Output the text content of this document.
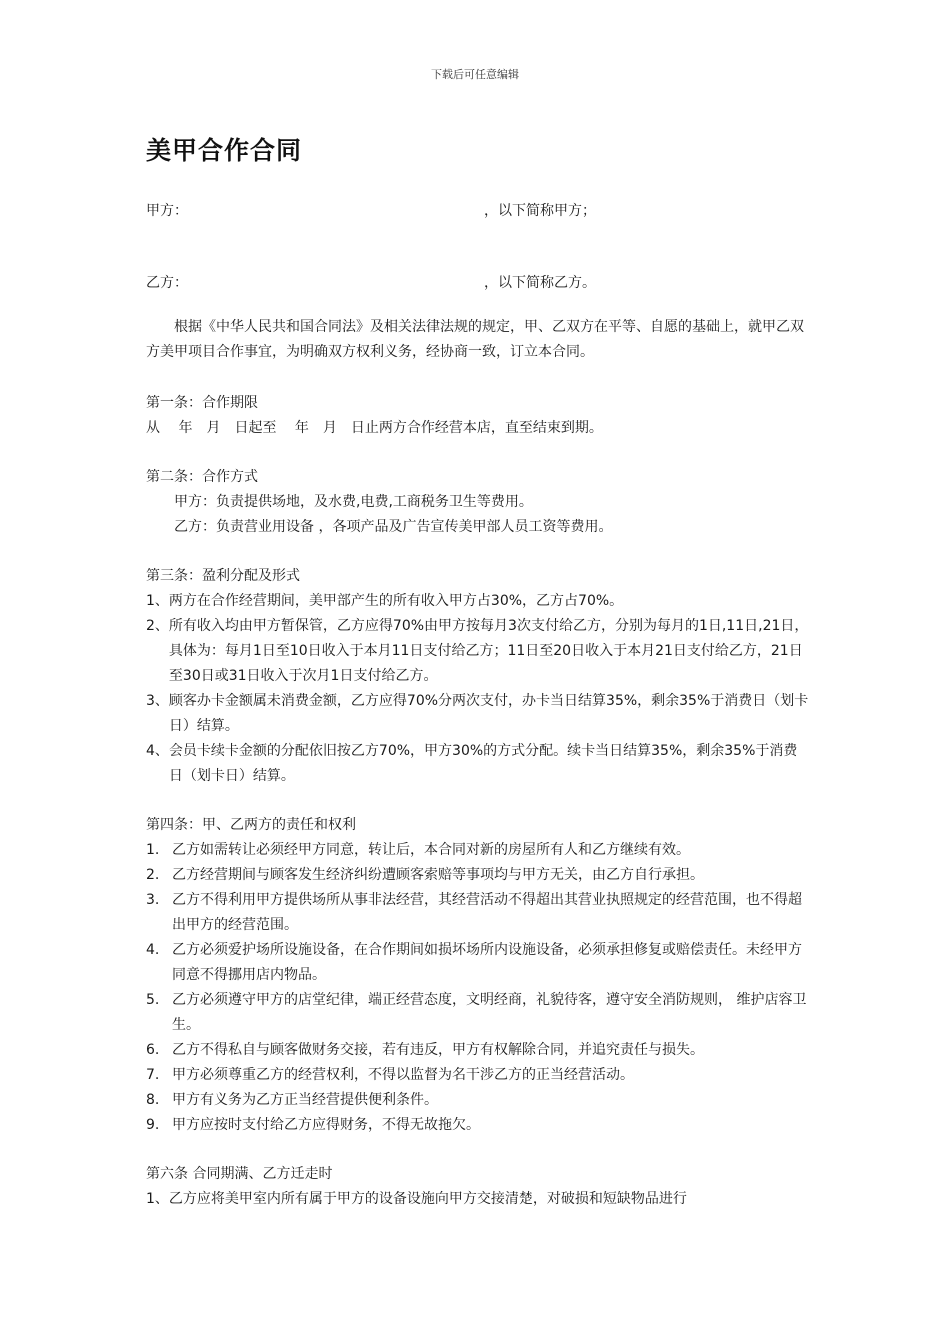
下载后可任意编辑
美甲合作合同
甲方：	，以下简称甲方；
乙方：	，以下简称乙方。

根据《中华人民共和国合同法》及相关法律法规的规定，甲、乙双方在平等、自愿的基础上，就甲乙双方美甲项目合作事宜，为明确双方权利义务，经协商一致，订立本合同。

第一条：合作期限

从　 年　月　日起至　 年　月　日止两方合作经营本店，直至结束到期。

第二条：合作方式

甲方：负责提供场地，及水费,电费,工商税务卫生等费用。

乙方：负责营业用设备 ，各项产品及广告宣传美甲部人员工资等费用。

第三条：盈利分配及形式

1、 两方在合作经营期间，美甲部产生的所有收入甲方占30%，乙方占70%。
2、 所有收入均由甲方暂保管，乙方应得70%由甲方按每月3次支付给乙方，分别为每月的1日,11日,21日，具体为：每月1日至10日收入于本月11日支付给乙方；11日至20日收入于本月21日支付给乙方，21日至30日或31日收入于次月1日支付给乙方。
3、 顾客办卡金额属未消费金额，乙方应得70%分两次支付，办卡当日结算35%，剩余35%于消费日（划卡日）结算。
4、 会员卡续卡金额的分配依旧按乙方70%，甲方30%的方式分配。续卡当日结算35%，剩余35%于消费日（划卡日）结算。

第四条：甲、乙两方的责任和权利

1. 乙方如需转让必须经甲方同意，转让后，本合同对新的房屋所有人和乙方继续有效。
2. 乙方经营期间与顾客发生经济纠纷遭顾客索赔等事项均与甲方无关，由乙方自行承担。
3. 乙方不得利用甲方提供场所从事非法经营，其经营活动不得超出其营业执照规定的经营范围，也不得超出甲方的经营范围。
4. 乙方必须爱护场所设施设备，在合作期间如损坏场所内设施设备，必须承担修复或赔偿责任。未经甲方同意不得挪用店内物品。
5. 乙方必须遵守甲方的店堂纪律，端正经营态度，文明经商，礼貌待客，遵守安全消防规则， 维护店容卫生。
6. 乙方不得私自与顾客做财务交接，若有违反，甲方有权解除合同，并追究责任与损失。
7. 甲方必须尊重乙方的经营权利，不得以监督为名干涉乙方的正当经营活动。
8. 甲方有义务为乙方正当经营提供便利条件。
9. 甲方应按时支付给乙方应得财务，不得无故拖欠。

第六条 合同期满、乙方迁走时

1、 乙方应将美甲室内所有属于甲方的设备设施向甲方交接清楚，对破损和短缺物品进行
